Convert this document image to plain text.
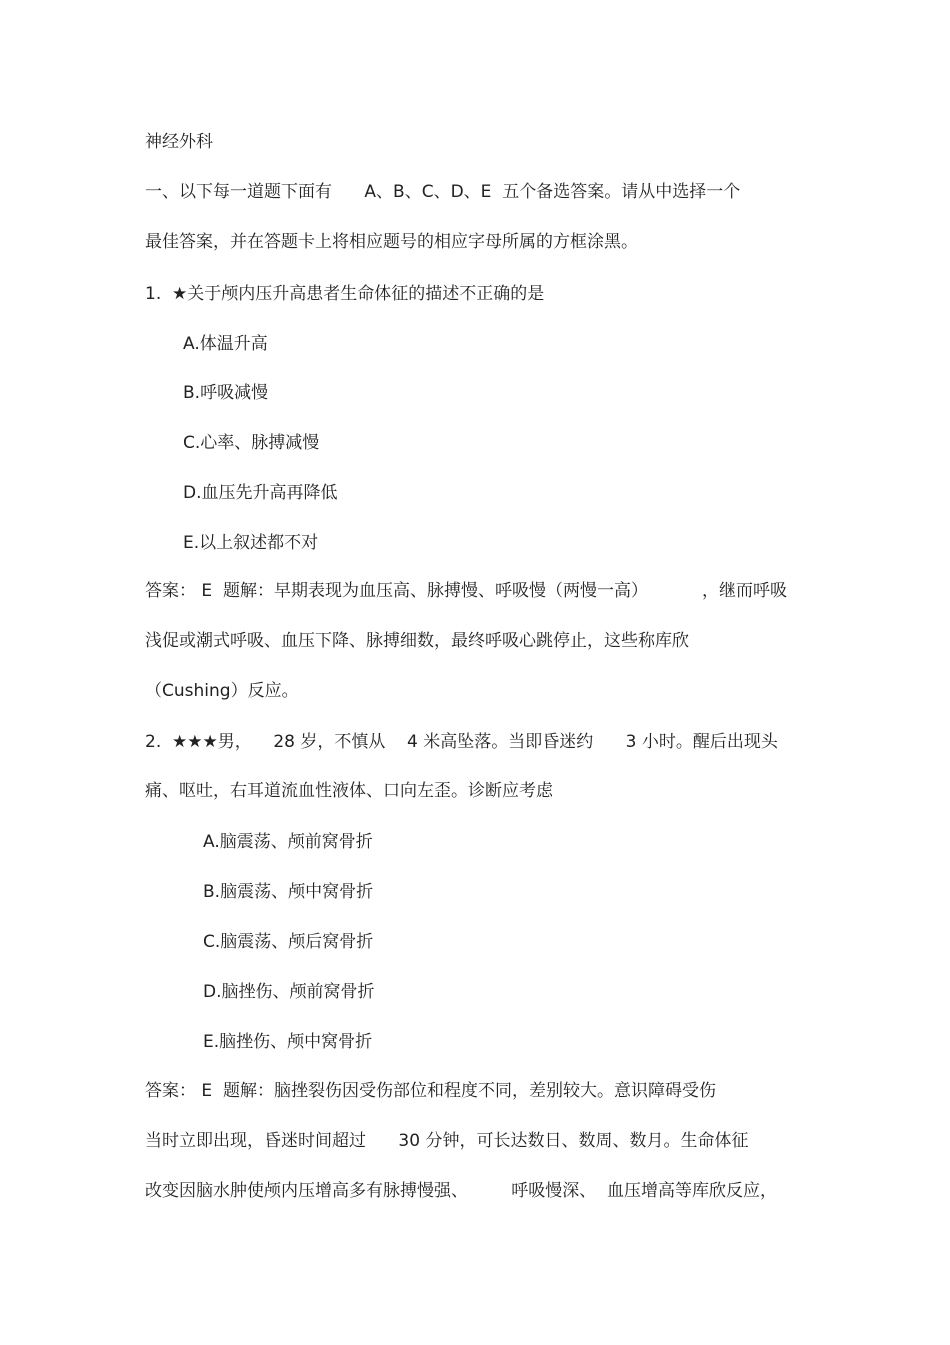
神经外科
一、以下每一道题下面有      A、B、C、D、E  五个备选答案。请从中选择一个
最佳答案，并在答题卡上将相应题号的相应字母所属的方框涂黑。
1.  ★关于颅内压升高患者生命体征的描述不正确的是
A.体温升高
B.呼吸减慢
C.心率、脉搏减慢
D.血压先升高再降低
E.以上叙述都不对
答案： E  题解：早期表现为血压高、脉搏慢、呼吸慢（两慢一高）          ，继而呼吸
浅促或潮式呼吸、血压下降、脉搏细数，最终呼吸心跳停止，这些称库欣
（Cushing）反应。
2.  ★★★男，    28 岁，不慎从    4 米高坠落。当即昏迷约      3 小时。醒后出现头
痛、呕吐，右耳道流血性液体、口向左歪。诊断应考虑
A.脑震荡、颅前窝骨折
B.脑震荡、颅中窝骨折
C.脑震荡、颅后窝骨折
D.脑挫伤、颅前窝骨折
E.脑挫伤、颅中窝骨折
答案： E  题解：脑挫裂伤因受伤部位和程度不同，差别较大。意识障碍受伤
当时立即出现，昏迷时间超过      30 分钟，可长达数日、数周、数月。生命体征
改变因脑水肿使颅内压增高多有脉搏慢强、        呼吸慢深、  血压增高等库欣反应，
